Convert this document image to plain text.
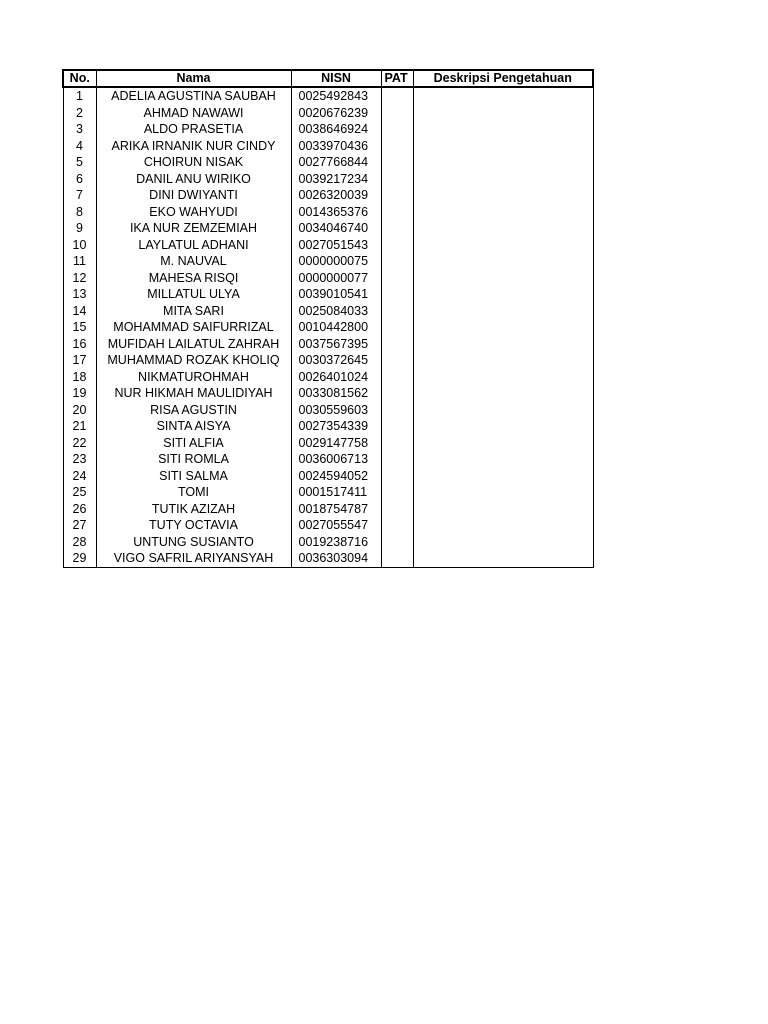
No.	Nama	NISN	PAT	Deskripsi Pengetahuan
1	ADELIA AGUSTINA SAUBAH	0025492843		
2	AHMAD NAWAWI	0020676239		
3	ALDO PRASETIA	0038646924		
4	ARIKA IRNANIK NUR CINDY	0033970436		
5	CHOIRUN NISAK	0027766844		
6	DANIL ANU WIRIKO	0039217234		
7	DINI DWIYANTI	0026320039		
8	EKO WAHYUDI	0014365376		
9	IKA NUR ZEMZEMIAH	0034046740		
10	LAYLATUL ADHANI	0027051543		
11	M. NAUVAL	0000000075		
12	MAHESA RISQI	0000000077		
13	MILLATUL ULYA	0039010541		
14	MITA SARI	0025084033		
15	MOHAMMAD SAIFURRIZAL	0010442800		
16	MUFIDAH LAILATUL ZAHRAH	0037567395		
17	MUHAMMAD ROZAK KHOLIQ	0030372645		
18	NIKMATUROHMAH	0026401024		
19	NUR HIKMAH MAULIDIYAH	0033081562		
20	RISA AGUSTIN	0030559603		
21	SINTA AISYA	0027354339		
22	SITI ALFIA	0029147758		
23	SITI ROMLA	0036006713		
24	SITI SALMA	0024594052		
25	TOMI	0001517411		
26	TUTIK AZIZAH	0018754787		
27	TUTY OCTAVIA	0027055547		
28	UNTUNG SUSIANTO	0019238716		
29	VIGO SAFRIL ARIYANSYAH	0036303094		
